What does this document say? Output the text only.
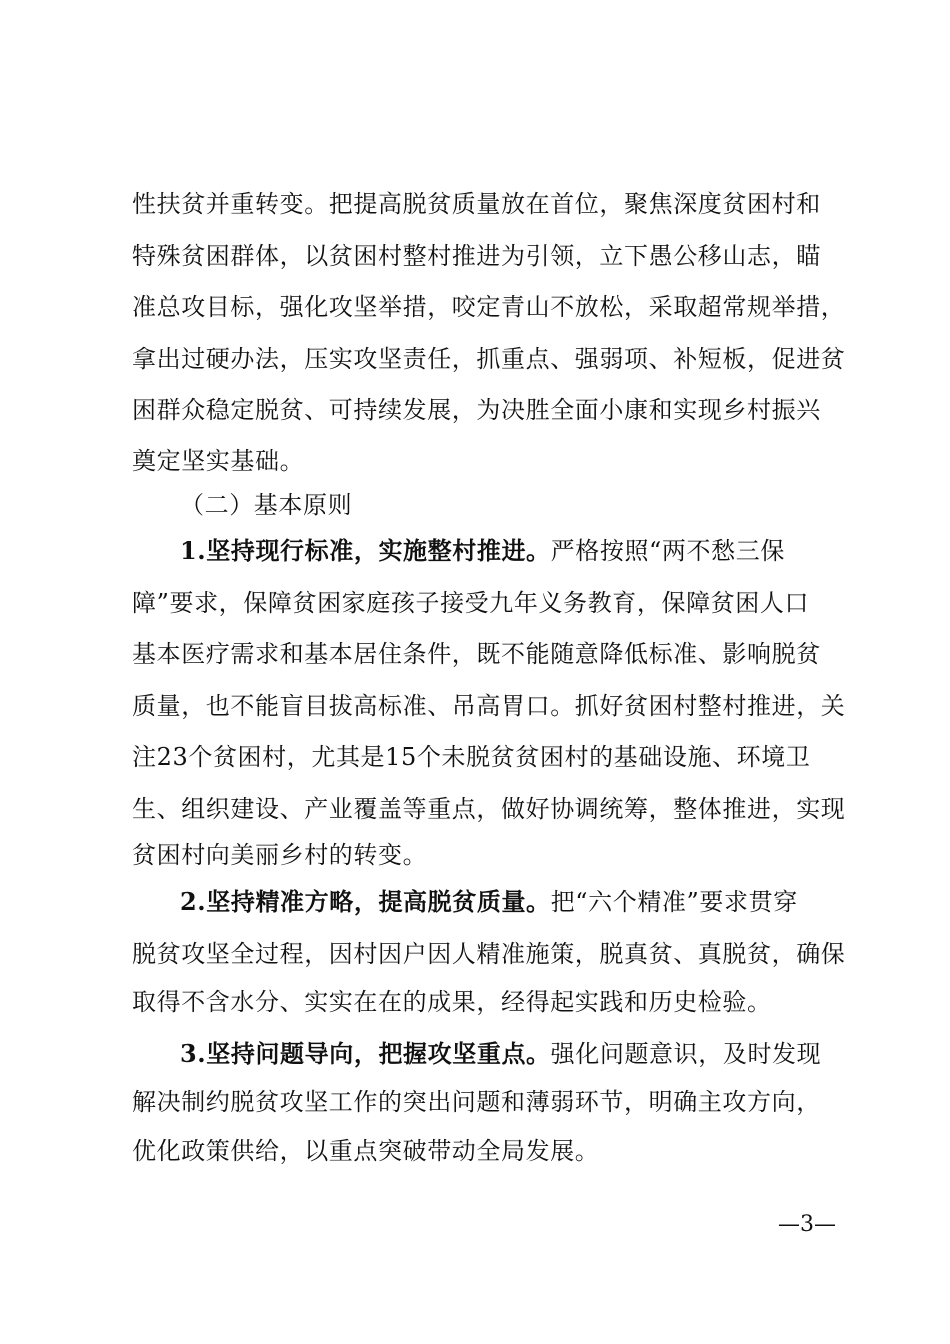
性扶贫并重转变。把提高脱贫质量放在首位，聚焦深度贫困村和
特殊贫困群体，以贫困村整村推进为引领，立下愚公移山志，瞄
准总攻目标，强化攻坚举措，咬定青山不放松，采取超常规举措，
拿出过硬办法，压实攻坚责任，抓重点、强弱项、补短板，促进贫
困群众稳定脱贫、可持续发展，为决胜全面小康和实现乡村振兴
奠定坚实基础。
（二）基本原则
1.坚持现行标准，实施整村推进。严格按照“两不愁三保
障”要求，保障贫困家庭孩子接受九年义务教育，保障贫困人口
基本医疗需求和基本居住条件，既不能随意降低标准、影响脱贫
质量，也不能盲目拔高标准、吊高胃口。抓好贫困村整村推进，关
注23个贫困村，尤其是15个未脱贫贫困村的基础设施、环境卫
生、组织建设、产业覆盖等重点，做好协调统筹，整体推进，实现
贫困村向美丽乡村的转变。
2.坚持精准方略，提高脱贫质量。把“六个精准”要求贯穿
脱贫攻坚全过程，因村因户因人精准施策，脱真贫、真脱贫，确保
取得不含水分、实实在在的成果，经得起实践和历史检验。
3.坚持问题导向，把握攻坚重点。强化问题意识，及时发现
解决制约脱贫攻坚工作的突出问题和薄弱环节，明确主攻方向，
优化政策供给，以重点突破带动全局发展。
—3—
